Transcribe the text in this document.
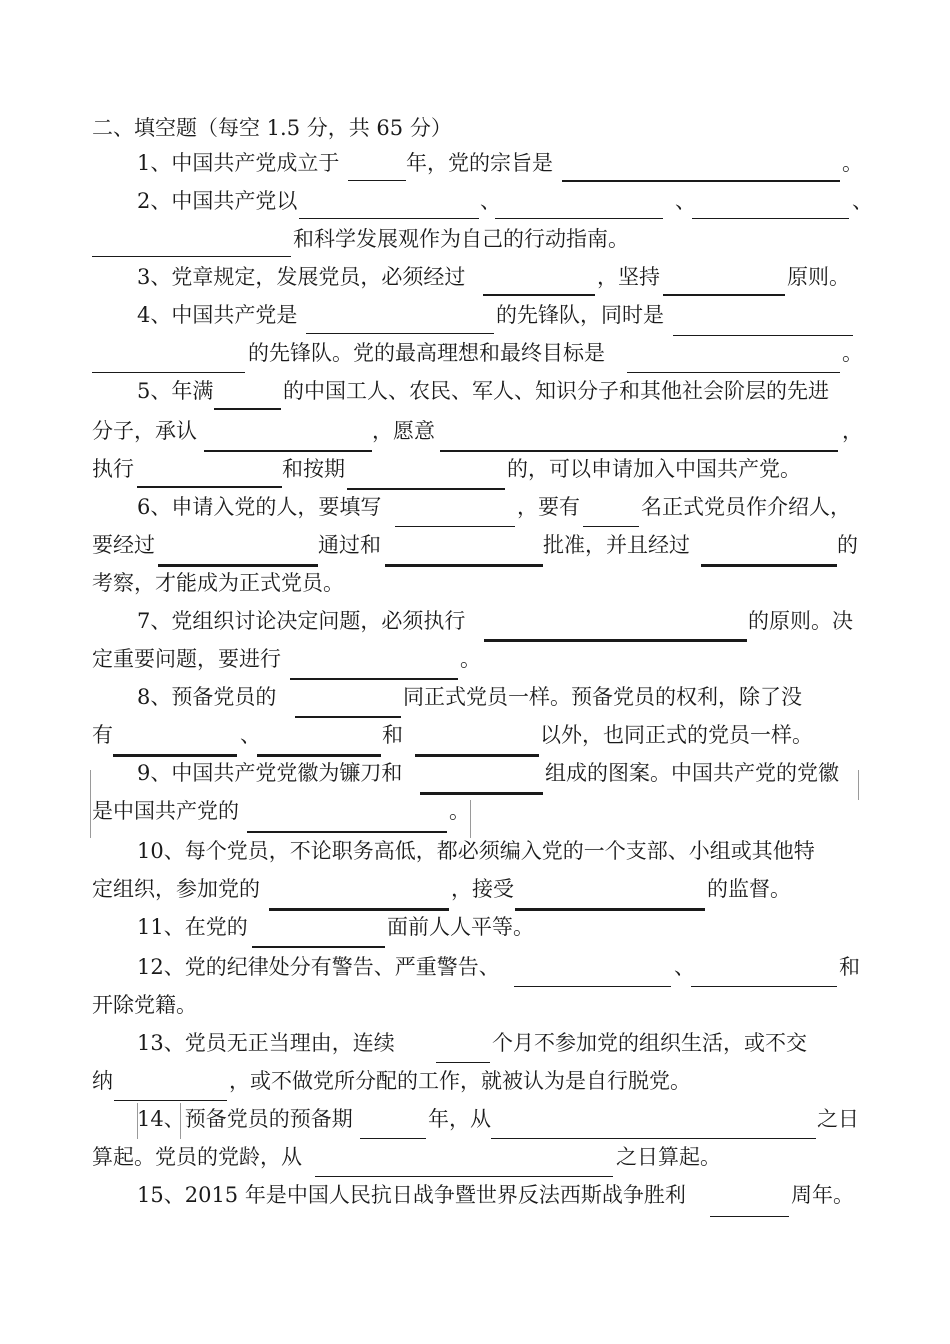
二、填空题（每空 1.5 分，共 65 分）
1、中国共产党成立于	年，党的宗旨是	。
2、中国共产党以	、	、	、
和科学发展观作为自己的行动指南。
3、党章规定，发展党员，必须经过	，坚持	原则。
4、中国共产党是	的先锋队，同时是
的先锋队。党的最高理想和最终目标是	。
5、年满	的中国工人、农民、军人、知识分子和其他社会阶层的先进
分子，承认	，愿意	，
执行	和按期	的，可以申请加入中国共产党。
6、申请入党的人，要填写	，要有	名正式党员作介绍人，
要经过	通过和	批准，并且经过	的
考察，才能成为正式党员。
7、党组织讨论决定问题，必须执行	的原则。决
定重要问题，要进行	。
8、预备党员的	同正式党员一样。预备党员的权利，除了没
有	、	和	以外，也同正式的党员一样。
9、中国共产党党徽为镰刀和	组成的图案。中国共产党的党徽
是中国共产党的	。
10、每个党员，不论职务高低，都必须编入党的一个支部、小组或其他特
定组织，参加党的	，接受	的监督。
11、在党的	面前人人平等。
12、党的纪律处分有警告、严重警告、	、	和
开除党籍。
13、党员无正当理由，连续	个月不参加党的组织生活，或不交
纳	，或不做党所分配的工作，就被认为是自行脱党。
14、预备党员的预备期	年，从	之日
算起。党员的党龄，从	之日算起。
15、2015 年是中国人民抗日战争暨世界反法西斯战争胜利	周年。
